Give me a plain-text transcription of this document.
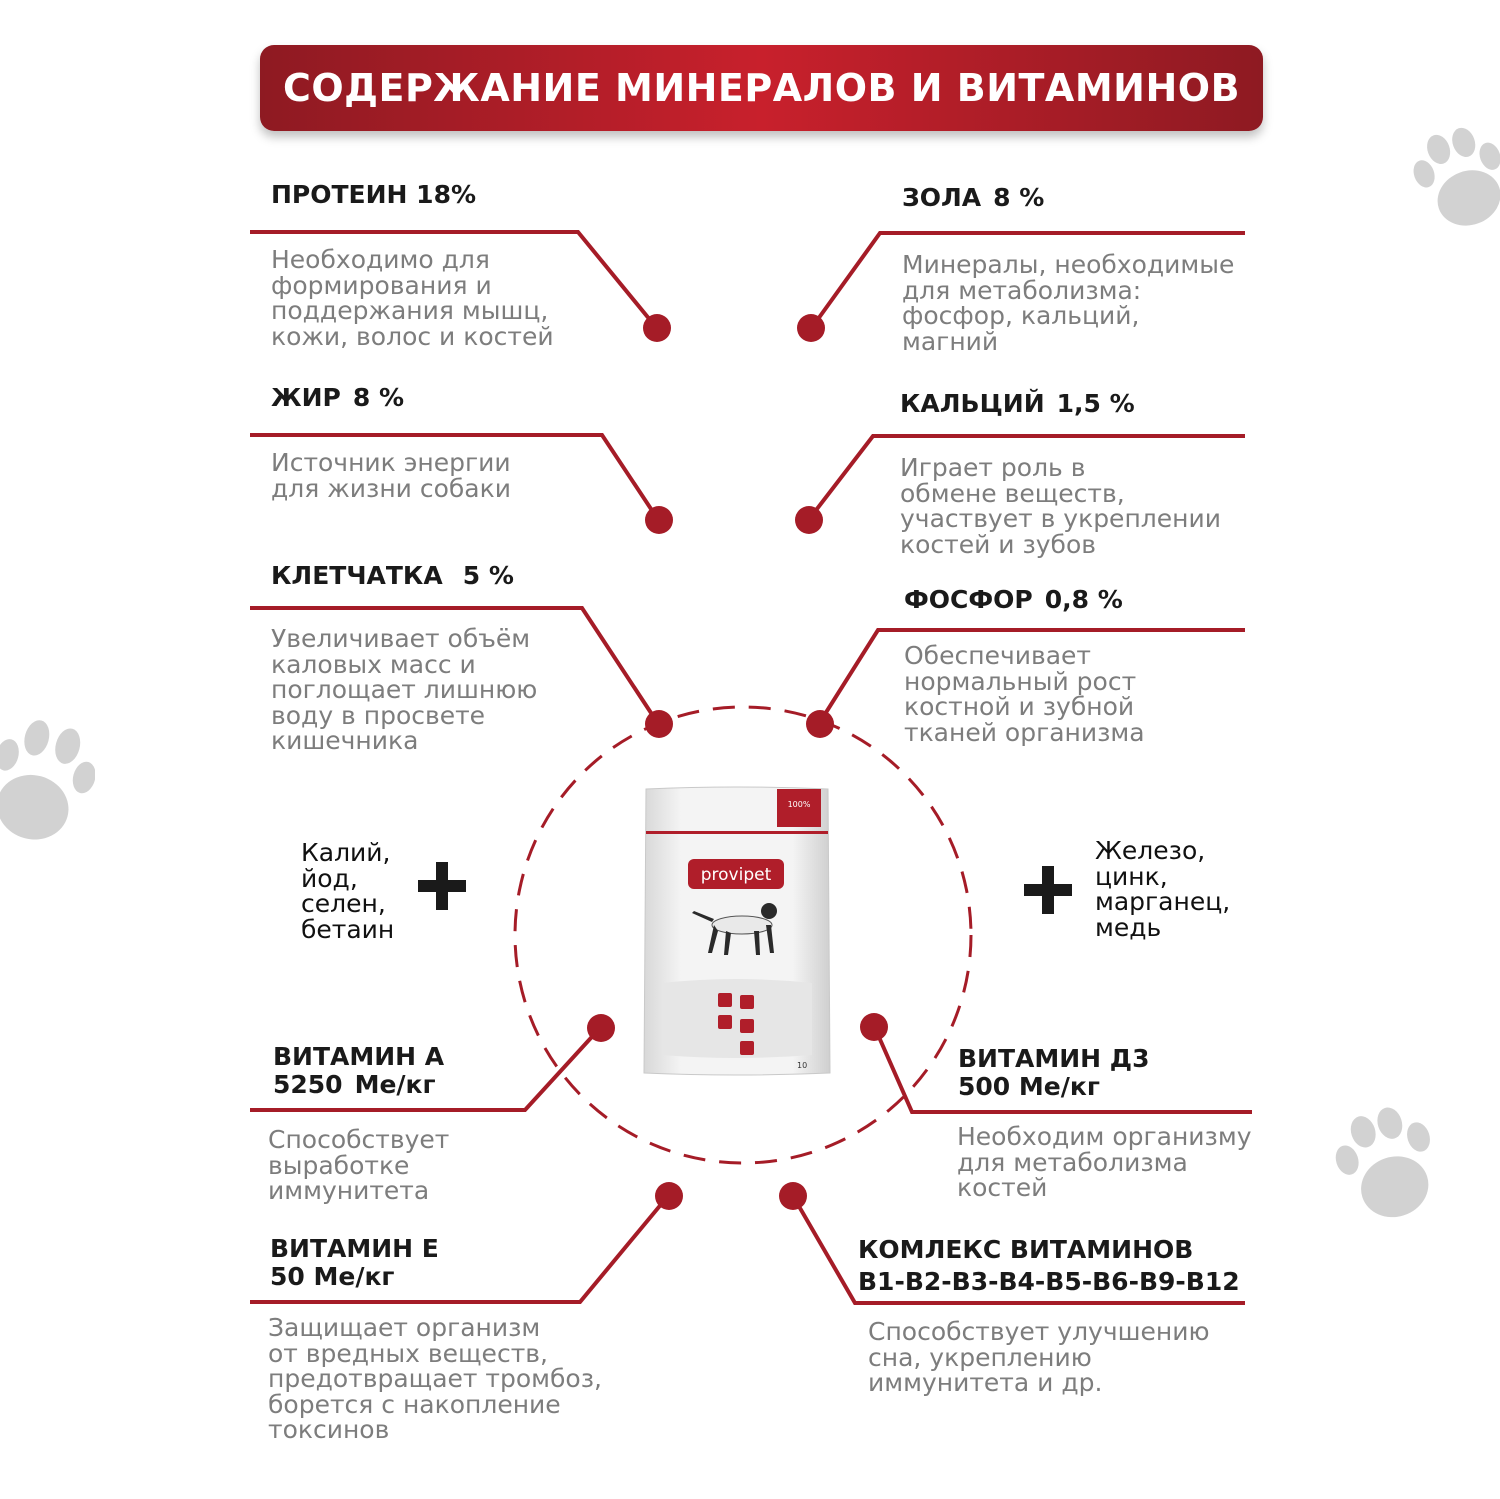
СОДЕРЖАНИЕ МИНЕРАЛОВ И ВИТАМИНОВ
ПРОТЕИН 18%
Необходимо для
формирования и
поддержания мышц,
кожи, волос и костей
ЖИР 8 %
Источник энергии
для жизни собаки
КЛЕТЧАТКА 5 %
Увеличивает объём
каловых масс и
поглощает лишнюю
воду в просвете
кишечника
ВИТАМИН А
5250 Ме/кг
Способствует
выработке
иммунитета
ВИТАМИН Е
50 Ме/кг
Защищает организм
от вредных веществ,
предотвращает тромбоз,
борется с накопление
токсинов
ЗОЛА 8 %
Минералы, необходимые
для метаболизма:
фосфор, кальций,
магний
КАЛЬЦИЙ 1,5 %
Играет роль в
обмене веществ,
участвует в укреплении
костей и зубов
ФОСФОР 0,8 %
Обеспечивает
нормальный рост
костной и зубной
тканей организма
ВИТАМИН Д3
500 Ме/кг
Необходим организму
для метаболизма
костей
КОМЛЕКС ВИТАМИНОВ
B1-B2-B3-B4-B5-B6-B9-B12
Способствует улучшению
сна, укреплению
иммунитета и др.
Калий,
йод,
селен,
бетаин
Железо,
цинк,
марганец,
медь
100%
provipet
10
